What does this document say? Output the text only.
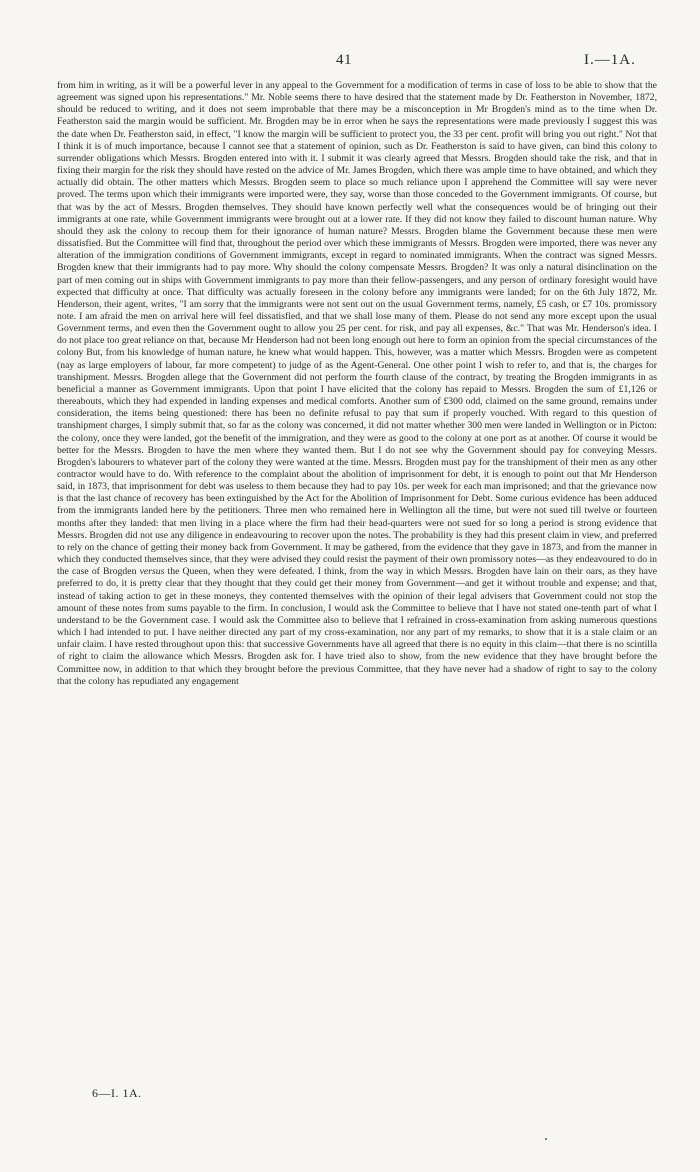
41	I.—1A.

from him in writing, as it will be a powerful lever in any appeal to the Government for a modification of terms in case of loss to be able to show that the agreement was signed upon his representations." Mr. Noble seems there to have desired that the statement made by Dr. Featherston in November, 1872, should be reduced to writing, and it does not seem improbable that there may be a misconception in Mr Brogden's mind as to the time when Dr. Featherston said the margin would be sufficient. Mr. Brogden may be in error when he says the representations were made previously I suggest this was the date when Dr. Featherston said, in effect, "I know the margin will be sufficient to protect you, the 33 per cent. profit will bring you out right." Not that I think it is of much importance, because I cannot see that a statement of opinion, such as Dr. Featherston is said to have given, can bind this colony to surrender obligations which Messrs. Brogden entered into with it. I submit it was clearly agreed that Messrs. Brogden should take the risk, and that in fixing their margin for the risk they should have rested on the advice of Mr. James Brogden, which there was ample time to have obtained, and which they actually did obtain. The other matters which Messrs. Brogden seem to place so much reliance upon I apprehend the Committee will say were never proved. The terms upon which their immigrants were imported were, they say, worse than those conceded to the Government immigrants. Of course, but that was by the act of Messrs. Brogden themselves. They should have known perfectly well what the consequences would be of bringing out their immigrants at one rate, while Government immigrants were brought out at a lower rate. If they did not know they failed to discount human nature. Why should they ask the colony to recoup them for their ignorance of human nature? Messrs. Brogden blame the Government because these men were dissatisfied. But the Committee will find that, throughout the period over which these immigrants of Messrs. Brogden were imported, there was never any alteration of the immigration conditions of Government immigrants, except in regard to nominated immigrants. When the contract was signed Messrs. Brogden knew that their immigrants had to pay more. Why should the colony compensate Messrs. Brogden? It was only a natural disinclination on the part of men coming out in ships with Government immigrants to pay more than their fellow-passengers, and any person of ordinary foresight would have expected that difficulty at once. That difficulty was actually foreseen in the colony before any immigrants were landed; for on the 6th July 1872, Mr. Henderson, their agent, writes, "I am sorry that the immigrants were not sent out on the usual Government terms, namely, £5 cash, or £7 10s. promissory note. I am afraid the men on arrival here will feel dissatisfied, and that we shall lose many of them. Please do not send any more except upon the usual Government terms, and even then the Government ought to allow you 25 per cent. for risk, and pay all expenses, &c." That was Mr. Henderson's idea. I do not place too great reliance on that, because Mr Henderson had not been long enough out here to form an opinion from the special circumstances of the colony But, from his knowledge of human nature, he knew what would happen. This, however, was a matter which Messrs. Brogden were as competent (nay as large employers of labour, far more competent) to judge of as the Agent-General. One other point I wish to refer to, and that is, the charges for transhipment. Messrs. Brogden allege that the Government did not perform the fourth clause of the contract, by treating the Brogden immigrants in as beneficial a manner as Government immigrants. Upon that point I have elicited that the colony has repaid to Messrs. Brogden the sum of £1,126 or thereabouts, which they had expended in landing expenses and medical comforts. Another sum of £300 odd, claimed on the same ground, remains under consideration, the items being questioned: there has been no definite refusal to pay that sum if properly vouched. With regard to this question of transhipment charges, I simply submit that, so far as the colony was concerned, it did not matter whether 300 men were landed in Wellington or in Picton: the colony, once they were landed, got the benefit of the immigration, and they were as good to the colony at one port as at another. Of course it would be better for the Messrs. Brogden to have the men where they wanted them. But I do not see why the Government should pay for conveying Messrs. Brogden's labourers to whatever part of the colony they were wanted at the time. Messrs. Brogden must pay for the transhipment of their men as any other contractor would have to do. With reference to the complaint about the abolition of imprisonment for debt, it is enough to point out that Mr Henderson said, in 1873, that imprisonment for debt was useless to them because they had to pay 10s. per week for each man imprisoned; and that the grievance now is that the last chance of recovery has been extinguished by the Act for the Abolition of Imprisonment for Debt. Some curious evidence has been adduced from the immigrants landed here by the petitioners. Three men who remained here in Wellington all the time, but were not sued till twelve or fourteen months after they landed: that men living in a place where the firm had their head-quarters were not sued for so long a period is strong evidence that Messrs. Brogden did not use any diligence in endeavouring to recover upon the notes. The probability is they had this present claim in view, and preferred to rely on the chance of getting their money back from Government. It may be gathered, from the evidence that they gave in 1873, and from the manner in which they conducted themselves since, that they were advised they could resist the payment of their own promissory notes—as they endeavoured to do in the case of Brogden versus the Queen, when they were defeated. I think, from the way in which Messrs. Brogden have lain on their oars, as they have preferred to do, it is pretty clear that they thought that they could get their money from Government—and get it without trouble and expense; and that, instead of taking action to get in these moneys, they contented themselves with the opinion of their legal advisers that Government could not stop the amount of these notes from sums payable to the firm. In conclusion, I would ask the Committee to believe that I have not stated one-tenth part of what I understand to be the Government case. I would ask the Committee also to believe that I refrained in cross-examination from asking numerous questions which I had intended to put. I have neither directed any part of my cross-examination, nor any part of my remarks, to show that it is a stale claim or an unfair claim. I have rested throughout upon this: that successive Governments have all agreed that there is no equity in this claim—that there is no scintilla of right to claim the allowance which Messrs. Brogden ask for. I have tried also to show, from the new evidence that they have brought before the Committee now, in addition to that which they brought before the previous Committee, that they have never had a shadow of right to say to the colony that the colony has repudiated any engagement

6—I. 1A.
